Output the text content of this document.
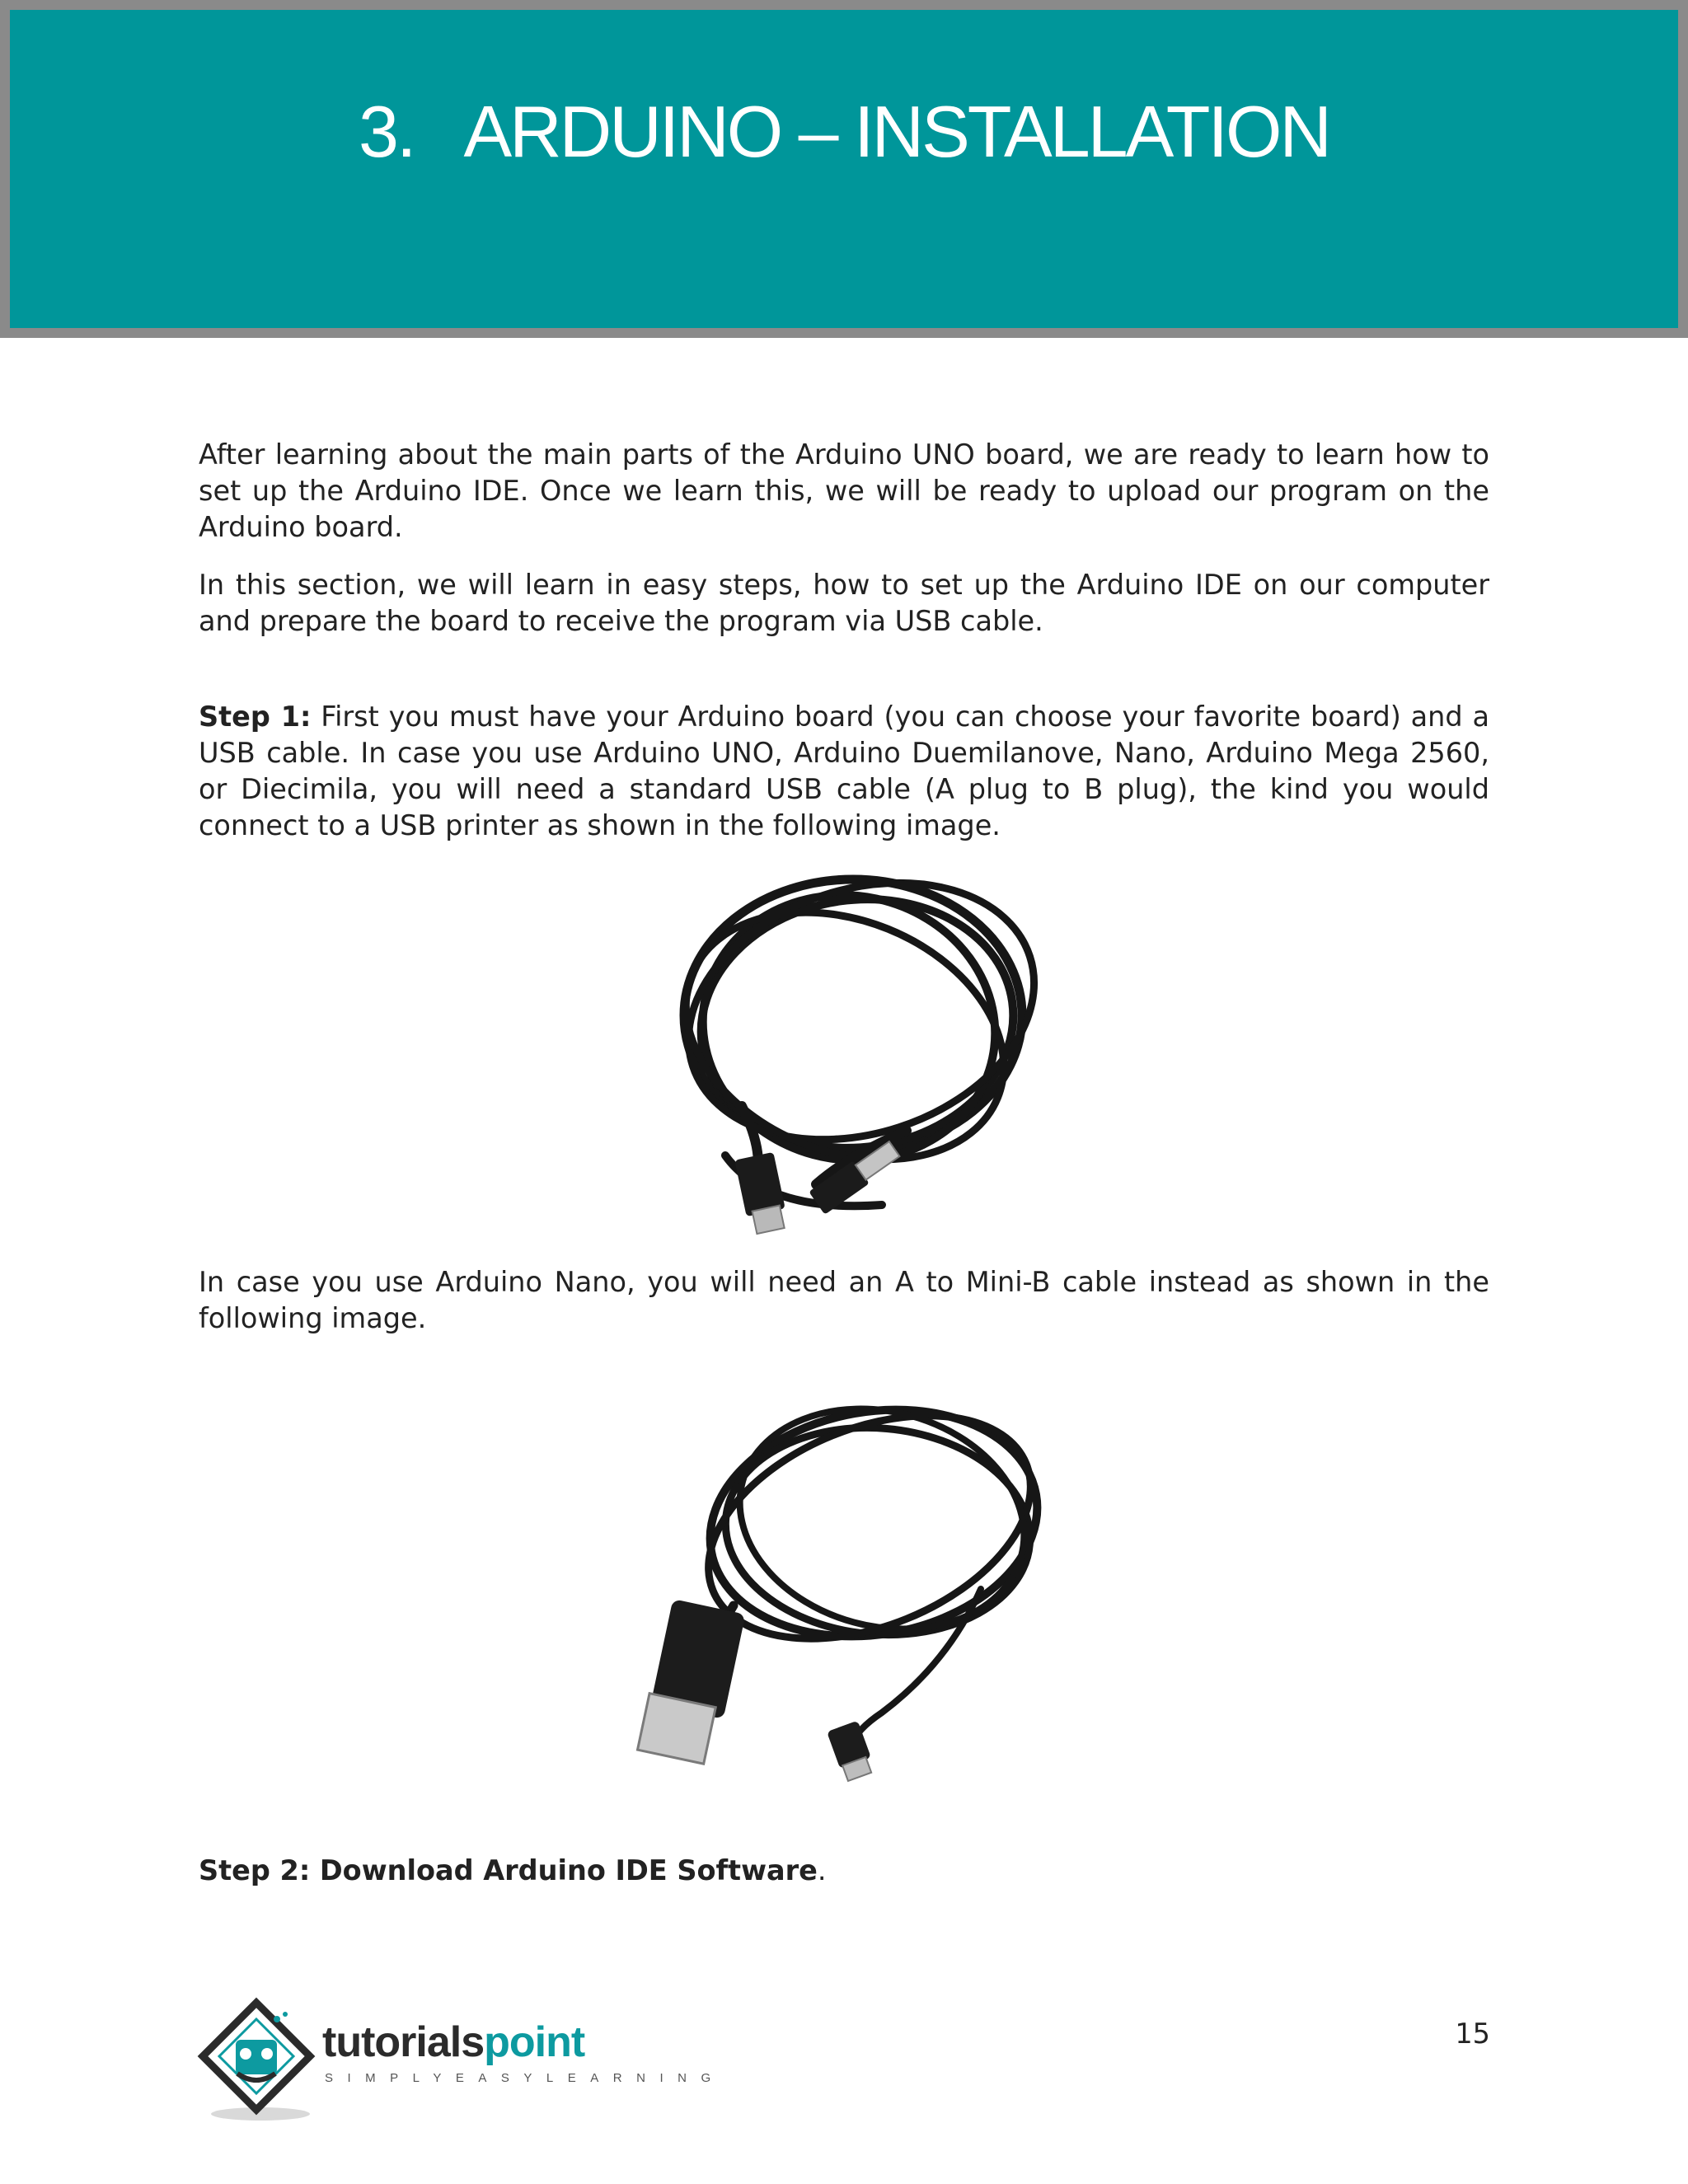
3. ARDUINO – INSTALLATION

After learning about the main parts of the Arduino UNO board, we are ready to learn how to set up the Arduino IDE. Once we learn this, we will be ready to upload our program on the Arduino board.

In this section, we will learn in easy steps, how to set up the Arduino IDE on our computer and prepare the board to receive the program via USB cable.

Step 1: First you must have your Arduino board (you can choose your favorite board) and a USB cable. In case you use Arduino UNO, Arduino Duemilanove, Nano, Arduino Mega 2560, or Diecimila, you will need a standard USB cable (A plug to B plug), the kind you would connect to a USB printer as shown in the following image.

In case you use Arduino Nano, you will need an A to Mini-B cable instead as shown in the following image.

Step 2: Download Arduino IDE Software.

tutorialspoint
SIMPLYEASYLEARNING
15
